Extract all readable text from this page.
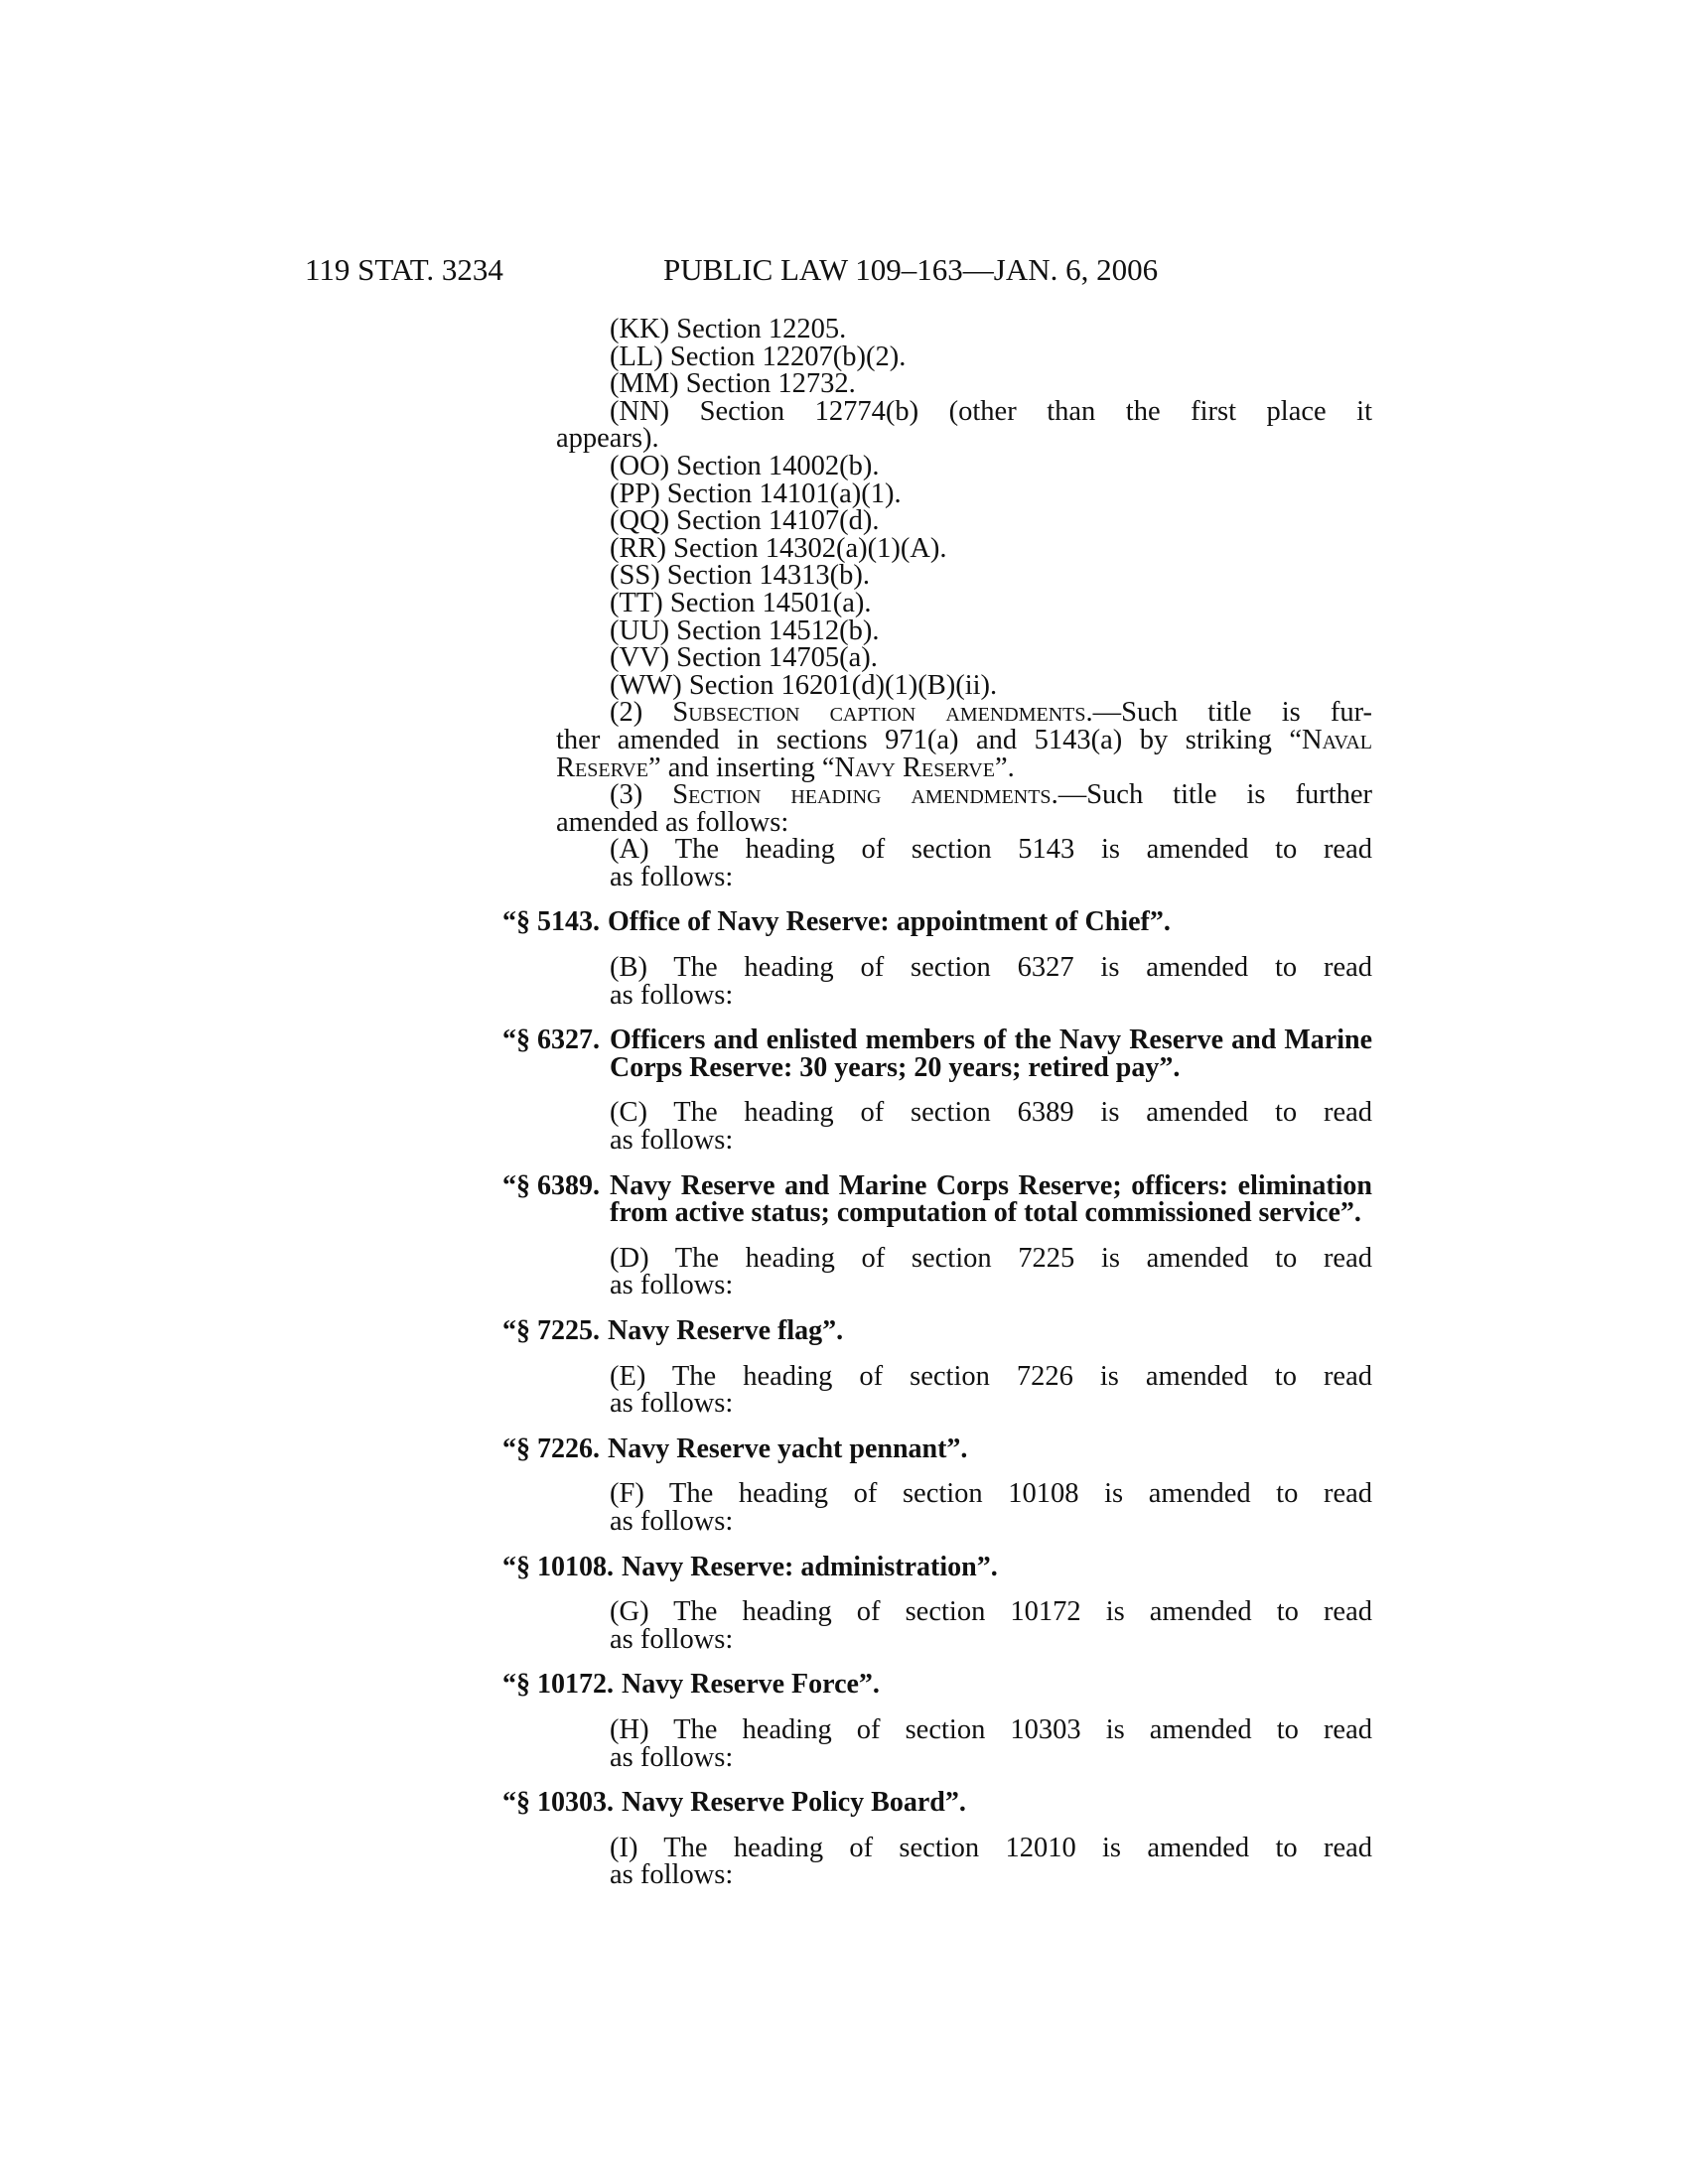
119 STAT. 3234	PUBLIC LAW 109–163—JAN. 6, 2006

(KK) Section 12205.

(LL) Section 12207(b)(2).

(MM) Section 12732.

(NN) Section 12774(b) (other than the first place it
appears).

(OO) Section 14002(b).

(PP) Section 14101(a)(1).

(QQ) Section 14107(d).

(RR) Section 14302(a)(1)(A).

(SS) Section 14313(b).

(TT) Section 14501(a).

(UU) Section 14512(b).

(VV) Section 14705(a).

(WW) Section 16201(d)(1)(B)(ii).

(2) Subsection caption amendments.—Such title is fur-
ther amended in sections 971(a) and 5143(a) by striking “Naval
Reserve” and inserting “Navy Reserve”.
(3) Section heading amendments.—Such title is further
amended as follows:
(A) The heading of section 5143 is amended to read
as follows:
“§ 5143. Office of Navy Reserve: appointment of Chief”.
(B) The heading of section 6327 is amended to read
as follows:
“§ 6327. Officers and enlisted members of the Navy Reserve and Marine Corps Reserve: 30 years; 20 years; retired pay”.
(C) The heading of section 6389 is amended to read
as follows:
“§ 6389. Navy Reserve and Marine Corps Reserve; officers: elimination from active status; computation of total commissioned service”.
(D) The heading of section 7225 is amended to read
as follows:
“§ 7225. Navy Reserve flag”.
(E) The heading of section 7226 is amended to read
as follows:
“§ 7226. Navy Reserve yacht pennant”.
(F) The heading of section 10108 is amended to read
as follows:
“§ 10108. Navy Reserve: administration”.
(G) The heading of section 10172 is amended to read
as follows:
“§ 10172. Navy Reserve Force”.
(H) The heading of section 10303 is amended to read
as follows:
“§ 10303. Navy Reserve Policy Board”.
(I) The heading of section 12010 is amended to read
as follows:
